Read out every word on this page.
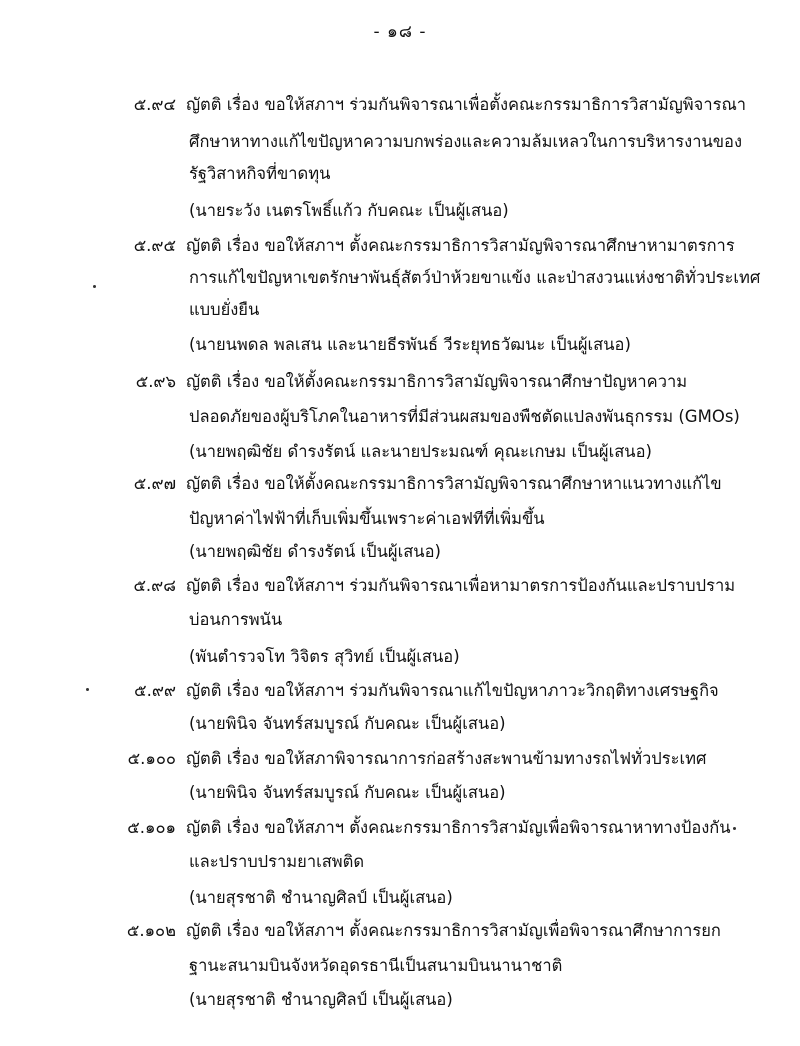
- ๑๘ -
๕.๙๔ ญัตติ เรื่อง ขอให้สภาฯ ร่วมกันพิจารณาเพื่อตั้งคณะกรรมาธิการวิสามัญพิจารณา
ศึกษาหาทางแก้ไขปัญหาความบกพร่องและความล้มเหลวในการบริหารงานของ
รัฐวิสาหกิจที่ขาดทุน
(นายระวัง เนตรโพธิ์แก้ว กับคณะ เป็นผู้เสนอ)
๕.๙๕ ญัตติ เรื่อง ขอให้สภาฯ ตั้งคณะกรรมาธิการวิสามัญพิจารณาศึกษาหามาตรการ
การแก้ไขปัญหาเขตรักษาพันธุ์สัตว์ป่าห้วยขาแข้ง และป่าสงวนแห่งชาติทั่วประเทศ
แบบยั่งยืน
(นายนพดล พลเสน และนายธีรพันธ์ วีระยุทธวัฒนะ เป็นผู้เสนอ)
๕.๙๖ ญัตติ เรื่อง ขอให้ตั้งคณะกรรมาธิการวิสามัญพิจารณาศึกษาปัญหาความ
ปลอดภัยของผู้บริโภคในอาหารที่มีส่วนผสมของพืชตัดแปลงพันธุกรรม (GMOs)
(นายพฤฒิชัย ดำรงรัตน์ และนายประมณฑ์ คุณะเกษม เป็นผู้เสนอ)
๕.๙๗ ญัตติ เรื่อง ขอให้ตั้งคณะกรรมาธิการวิสามัญพิจารณาศึกษาหาแนวทางแก้ไข
ปัญหาค่าไฟฟ้าที่เก็บเพิ่มขึ้นเพราะค่าเอฟทีที่เพิ่มขึ้น
(นายพฤฒิชัย ดำรงรัตน์ เป็นผู้เสนอ)
๕.๙๘ ญัตติ เรื่อง ขอให้สภาฯ ร่วมกันพิจารณาเพื่อหามาตรการป้องกันและปราบปราม
บ่อนการพนัน
(พันตำรวจโท วิจิตร สุวิทย์ เป็นผู้เสนอ)
๕.๙๙ ญัตติ เรื่อง ขอให้สภาฯ ร่วมกันพิจารณาแก้ไขปัญหาภาวะวิกฤติทางเศรษฐกิจ
(นายพินิจ จันทร์สมบูรณ์ กับคณะ เป็นผู้เสนอ)
๕.๑๐๐ ญัตติ เรื่อง ขอให้สภาพิจารณาการก่อสร้างสะพานข้ามทางรถไฟทั่วประเทศ
(นายพินิจ จันทร์สมบูรณ์ กับคณะ เป็นผู้เสนอ)
๕.๑๐๑ ญัตติ เรื่อง ขอให้สภาฯ ตั้งคณะกรรมาธิการวิสามัญเพื่อพิจารณาหาทางป้องกัน
และปราบปรามยาเสพติด
(นายสุรชาติ ชำนาญศิลป์ เป็นผู้เสนอ)
๕.๑๐๒ ญัตติ เรื่อง ขอให้สภาฯ ตั้งคณะกรรมาธิการวิสามัญเพื่อพิจารณาศึกษาการยก
ฐานะสนามบินจังหวัดอุดรธานีเป็นสนามบินนานาชาติ
(นายสุรชาติ ชำนาญศิลป์ เป็นผู้เสนอ)
